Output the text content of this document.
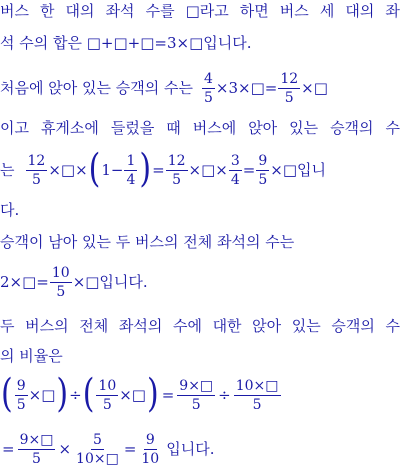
버스 한 대의 좌석 수를 □라고 하면 버스 세 대의 좌
석 수의 합은 □+□+□=3×□입니다.
처음에 앉아 있는 승객의 수는 $\frac{4}{5}$ ×3×□= $\frac{12}{5}$ ×□
이고 휴게소에 들렀을 때 버스에 앉아 있는 승객의 수
는 $\frac{12}{5}$ ×□× ( $1- \frac{1}{4}$ ) = $\frac{12}{5}$ ×□× $\frac{3}{4} = \frac{9}{5}$ ×□입니
다.
승객이 남아 있는 두 버스의 전체 좌석의 수는
2×□= $\frac{10}{5}$ ×□입니다.
두 버스의 전체 좌석의 수에 대한 앉아 있는 승객의 수
의 비율은
( $\frac{9}{5}$ ×□ ) ÷ ( $\frac{10}{5}$ ×□ ) = $\frac{9\times□}{5} \div \frac{10\times□}{5}$
= $\frac{9\times□}{5} \times \frac{5}{10\times□} = \frac{9}{10}$ 입니다.
